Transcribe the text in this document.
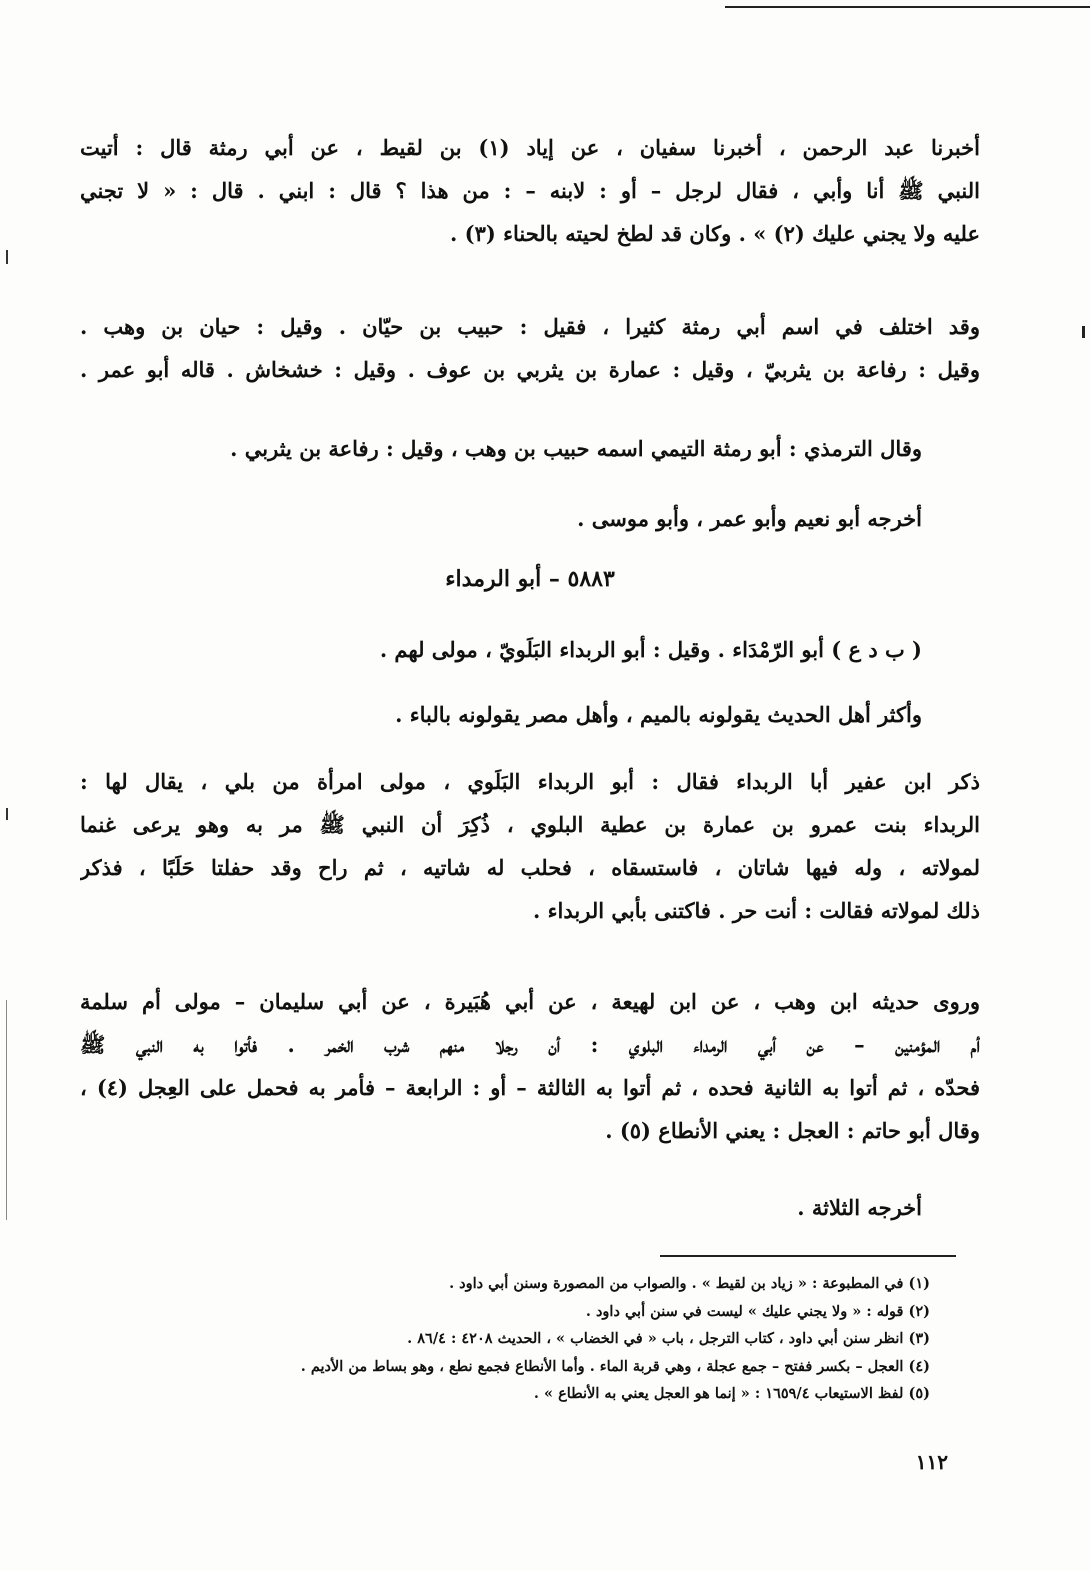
أخبرنا عبد الرحمن ، أخبرنا سفيان ، عن إياد (١) بن لقيط ، عن أبي رمثة قال : أتيت
النبي ﷺ أنا وأبي ، فقال لرجل – أو : لابنه – : من هذا ؟ قال : ابني . قال : « لا تجني
عليه ولا يجني عليك (٢) » . وكان قد لطخ لحيته بالحناء (٣) .

وقد اختلف في اسم أبي رمثة كثيرا ، فقيل : حبيب بن حيّان . وقيل : حيان بن وهب .
وقيل : رفاعة بن يثربيّ ، وقيل : عمارة بن يثربي بن عوف . وقيل : خشخاش . قاله أبو عمر .

وقال الترمذي : أبو رمثة التيمي اسمه حبيب بن وهب ، وقيل : رفاعة بن يثربي .

أخرجه أبو نعيم وأبو عمر ، وأبو موسى .

٥٨٨٣ – أبو الرمداء

( ب د ع ) أبو الرّمْدَاء . وقيل : أبو الربداء البَلَويّ ، مولى لهم .

وأكثر أهل الحديث يقولونه بالميم ، وأهل مصر يقولونه بالباء .

ذكر ابن عفير أبا الربداء فقال : أبو الربداء البَلَوي ، مولى امرأة من بلي ، يقال لها :
الربداء بنت عمرو بن عمارة بن عطية البلوي ، ذُكِرَ أن النبي ﷺ مر به وهو يرعى غنما
لمولاته ، وله فيها شاتان ، فاستسقاه ، فحلب له شاتيه ، ثم راح وقد حفلتا حَلَبًا ، فذكر
ذلك لمولاته فقالت : أنت حر . فاكتنى بأبي الربداء .

وروى حديثه ابن وهب ، عن ابن لهيعة ، عن أبي هُبَيرة ، عن أبي سليمان – مولى أم سلمة
أم المؤمنين – عن أبي الرمداء البلوي : أن رجلا منهم شرب الخمر . فأتوا به النبي ﷺ
فحدّه ، ثم أتوا به الثانية فحده ، ثم أتوا به الثالثة – أو : الرابعة – فأمر به فحمل على العِجل (٤) ،
وقال أبو حاتم : العجل : يعني الأنطاع (٥) .

أخرجه الثلاثة .

(١) في المطبوعة : « زياد بن لقيط » . والصواب من المصورة وسنن أبي داود .
(٢) قوله : « ولا يجني عليك » ليست في سنن أبي داود .
(٣) انظر سنن أبي داود ، كتاب الترجل ، باب « في الخضاب » ، الحديث ٤٢٠٨ : ٨٦/٤ .
(٤) العجل – بكسر ففتح – جمع عجلة ، وهي قربة الماء . وأما الأنطاع فجمع نطع ، وهو بساط من الأديم .
(٥) لفظ الاستيعاب ١٦٥٩/٤ : « إنما هو العجل يعني به الأنطاع » .
١١٢
